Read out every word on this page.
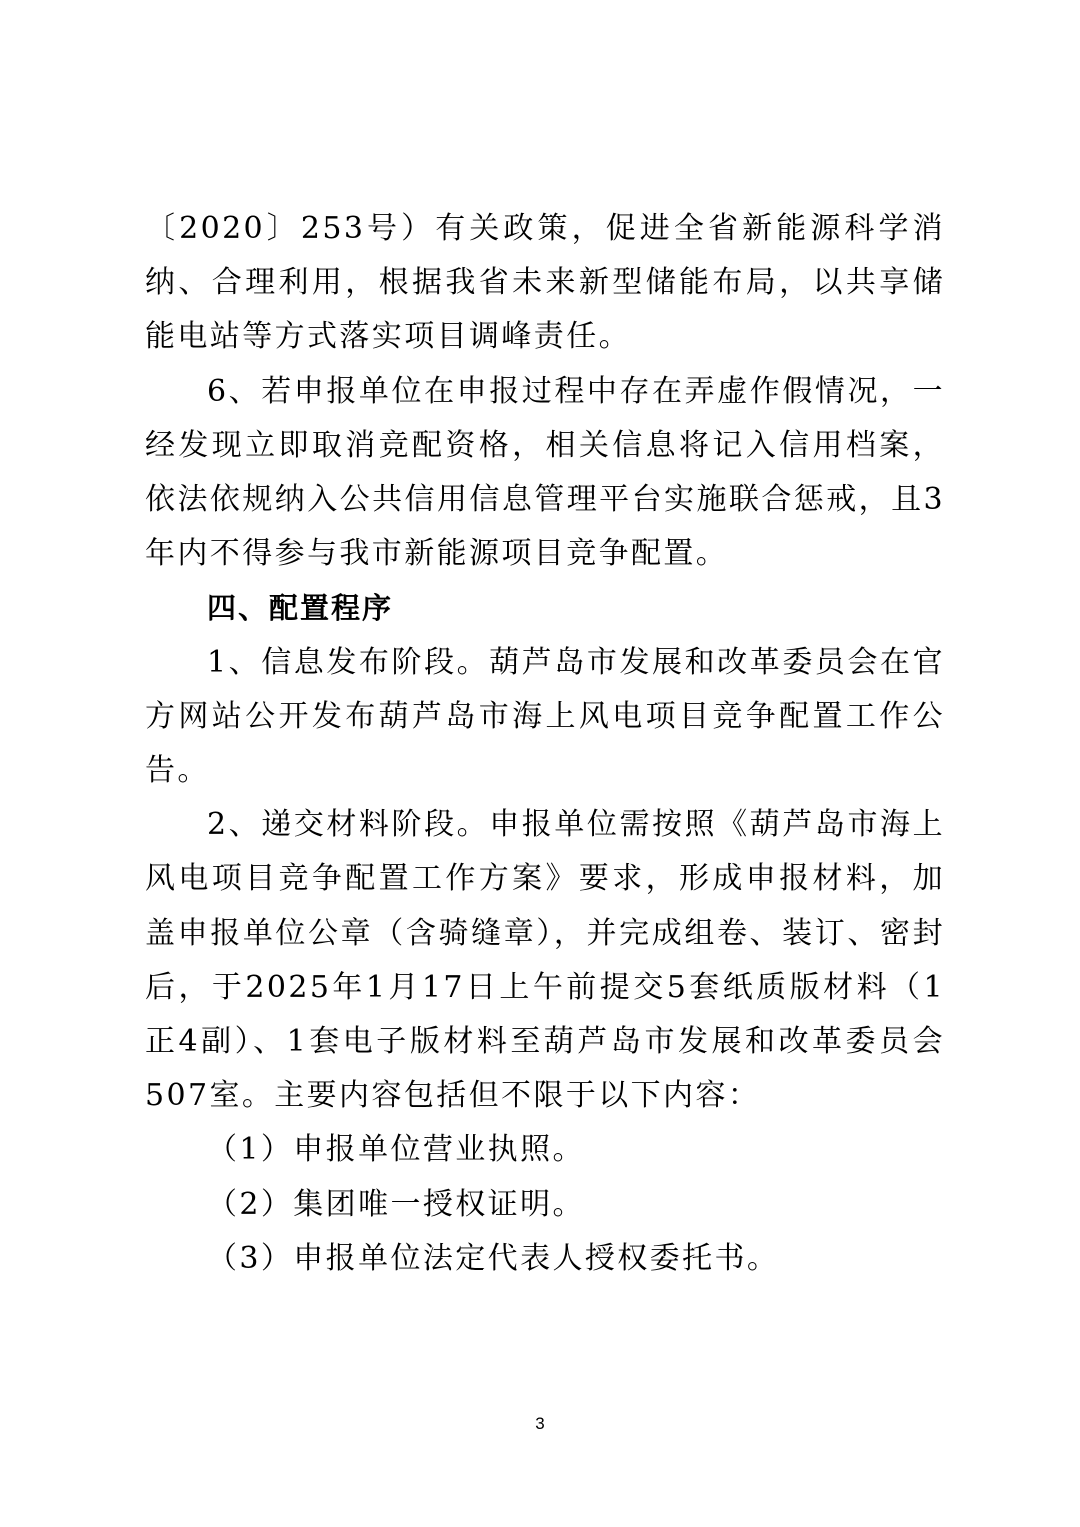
〔2020〕253号）有关政策，促进全省新能源科学消纳、合理利用，根据我省未来新型储能布局，以共享储能电站等方式落实项目调峰责任。

6、若申报单位在申报过程中存在弄虚作假情况，一经发现立即取消竞配资格，相关信息将记入信用档案，依法依规纳入公共信用信息管理平台实施联合惩戒，且3年内不得参与我市新能源项目竞争配置。

四、配置程序

1、信息发布阶段。葫芦岛市发展和改革委员会在官方网站公开发布葫芦岛市海上风电项目竞争配置工作公告。

2、递交材料阶段。申报单位需按照《葫芦岛市海上风电项目竞争配置工作方案》要求，形成申报材料，加盖申报单位公章（含骑缝章），并完成组卷、装订、密封后，于2025年1月17日上午前提交5套纸质版材料（1正4副）、1套电子版材料至葫芦岛市发展和改革委员会507室。主要内容包括但不限于以下内容：

（1）申报单位营业执照。

（2）集团唯一授权证明。

（3）申报单位法定代表人授权委托书。

3
